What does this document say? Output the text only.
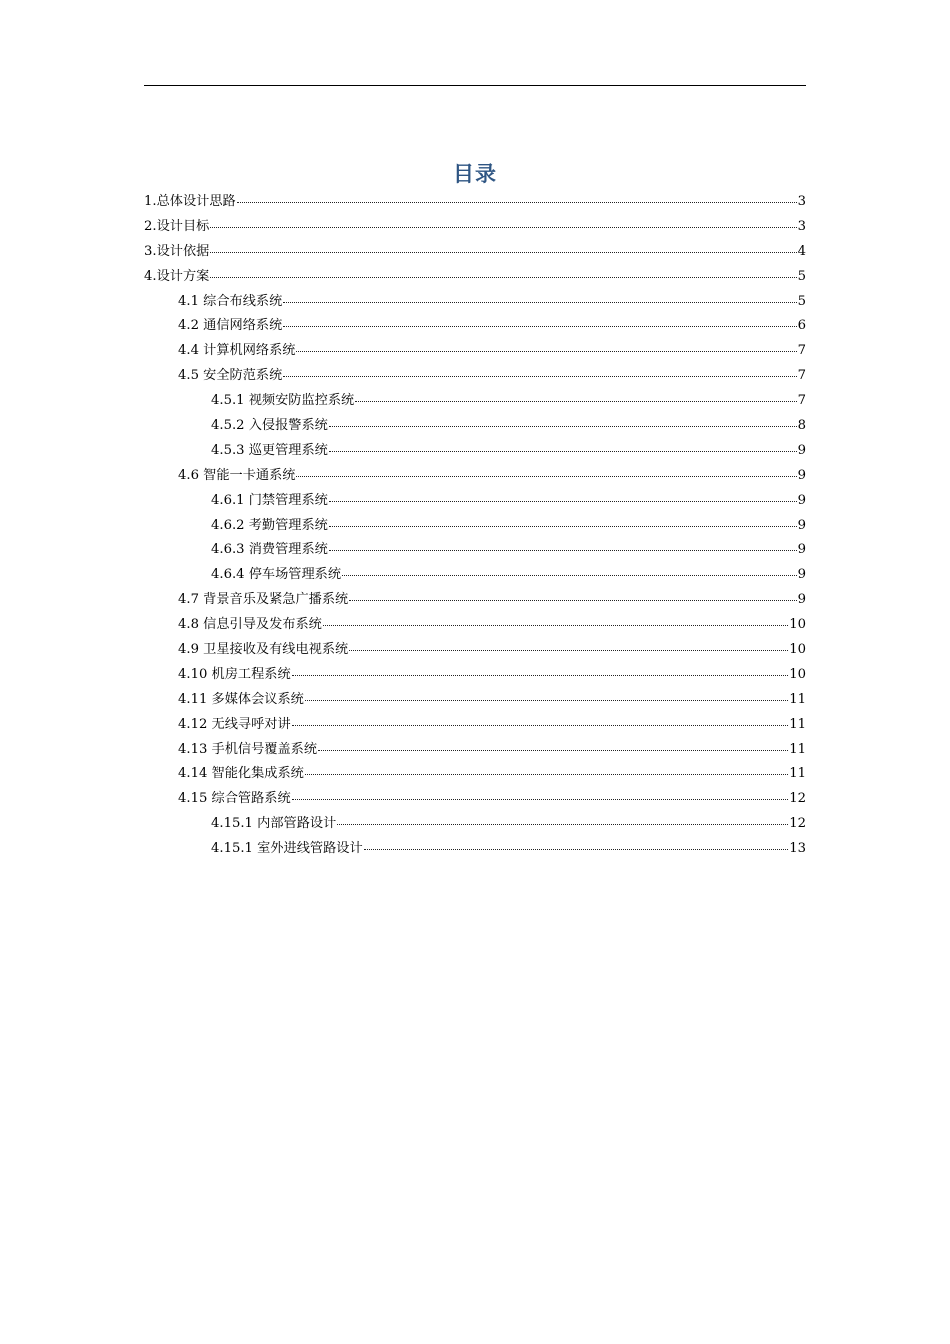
目录
1.总体设计思路	3
2.设计目标	3
3.设计依据	4
4.设计方案	5
4.1 综合布线系统	5
4.2 通信网络系统	6
4.4 计算机网络系统	7
4.5 安全防范系统	7
4.5.1 视频安防监控系统	7
4.5.2 入侵报警系统	8
4.5.3 巡更管理系统	9
4.6 智能一卡通系统	9
4.6.1 门禁管理系统	9
4.6.2 考勤管理系统	9
4.6.3 消费管理系统	9
4.6.4 停车场管理系统	9
4.7 背景音乐及紧急广播系统	9
4.8 信息引导及发布系统	10
4.9 卫星接收及有线电视系统	10
4.10 机房工程系统	10
4.11 多媒体会议系统	11
4.12 无线寻呼对讲	11
4.13 手机信号覆盖系统	11
4.14 智能化集成系统	11
4.15 综合管路系统	12
4.15.1 内部管路设计	12
4.15.1 室外进线管路设计	13
